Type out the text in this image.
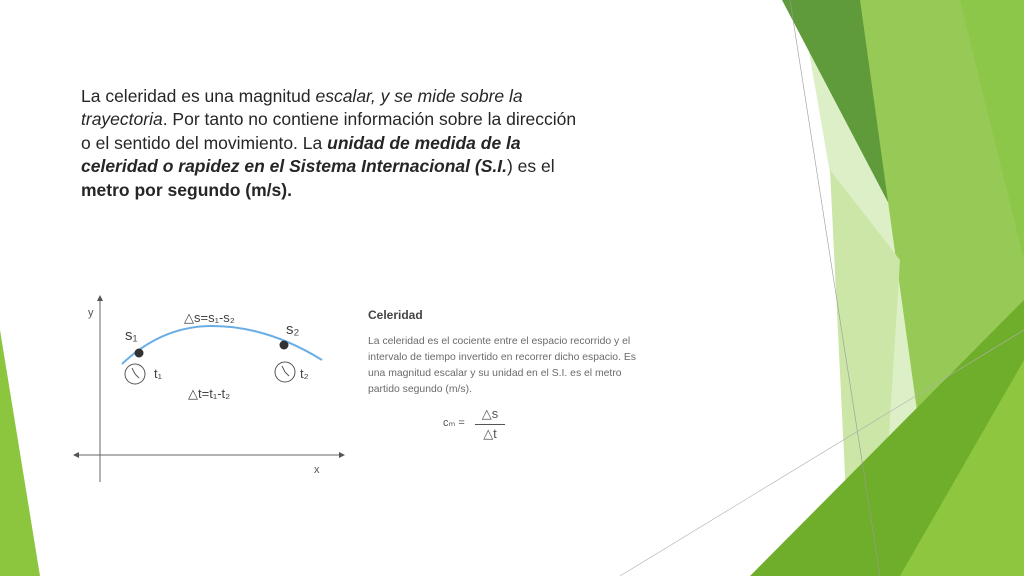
La celeridad es una magnitud escalar, y se mide sobre la trayectoria. Por tanto no contiene información sobre la dirección o el sentido del movimiento. La unidad de medida de la celeridad o rapidez en el Sistema Internacional (S.I.) es el metro por segundo (m/s).

y
x
△s=s₁-s₂
s₁	s₂
t₁	t₂
△t=t₁-t₂

Celeridad

La celeridad es el cociente entre el espacio recorrido y el intervalo de tiempo invertido en recorrer dicho espacio. Es una magnitud escalar y su unidad en el S.I. es el metro partido segundo (m/s).

cₘ =
△s
△t
